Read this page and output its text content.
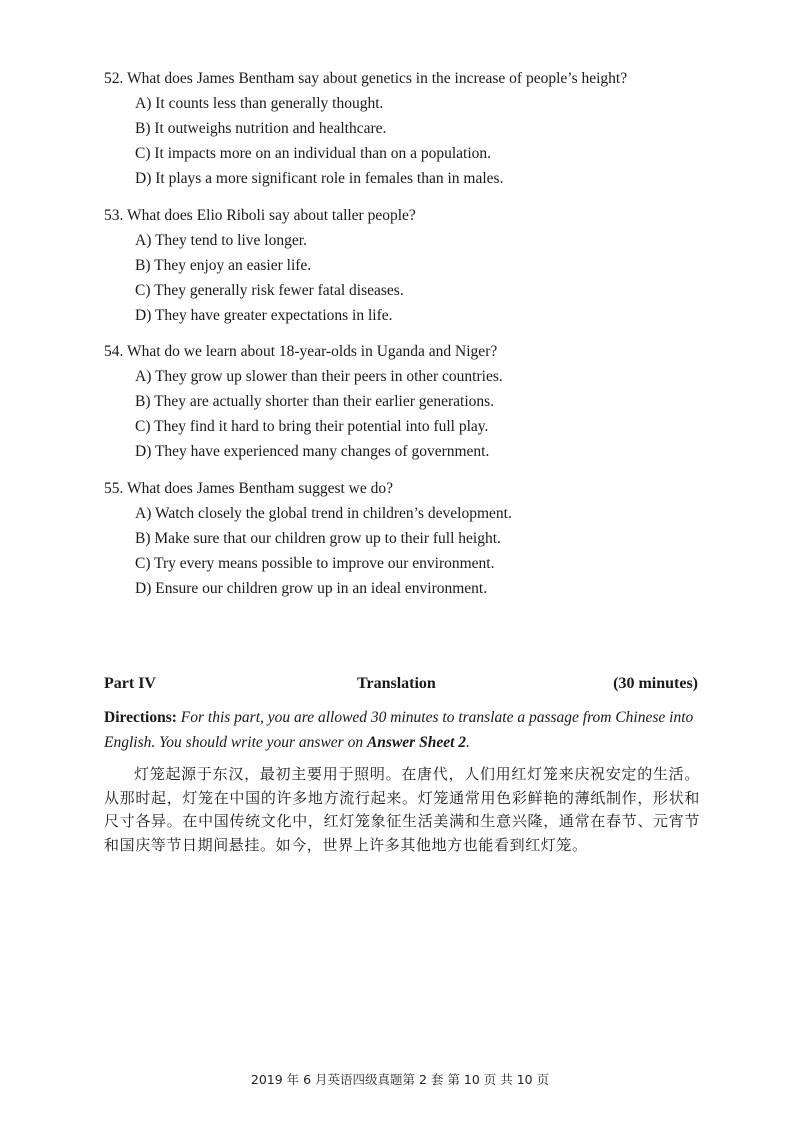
52. What does James Bentham say about genetics in the increase of people’s height?

A) It counts less than generally thought.

B) It outweighs nutrition and healthcare.

C) It impacts more on an individual than on a population.

D) It plays a more significant role in females than in males.

53. What does Elio Riboli say about taller people?

A) They tend to live longer.

B) They enjoy an easier life.

C) They generally risk fewer fatal diseases.

D) They have greater expectations in life.

54. What do we learn about 18-year-olds in Uganda and Niger?

A) They grow up slower than their peers in other countries.

B) They are actually shorter than their earlier generations.

C) They find it hard to bring their potential into full play.

D) They have experienced many changes of government.

55. What does James Bentham suggest we do?

A) Watch closely the global trend in children’s development.

B) Make sure that our children grow up to their full height.

C) Try every means possible to improve our environment.

D) Ensure our children grow up in an ideal environment.

Part IV	Translation	(30 minutes)

Directions: For this part, you are allowed 30 minutes to translate a passage from Chinese into English. You should write your answer on Answer Sheet 2.

灯笼起源于东汉，最初主要用于照明。在唐代，人们用红灯笼来庆祝安定的生活。从那时起，灯笼在中国的许多地方流行起来。灯笼通常用色彩鲜艳的薄纸制作，形状和尺寸各异。在中国传统文化中，红灯笼象征生活美满和生意兴隆，通常在春节、元宵节和国庆等节日期间悬挂。如今，世界上许多其他地方也能看到红灯笼。

2019 年 6 月英语四级真题第 2 套 第 10 页 共 10 页
